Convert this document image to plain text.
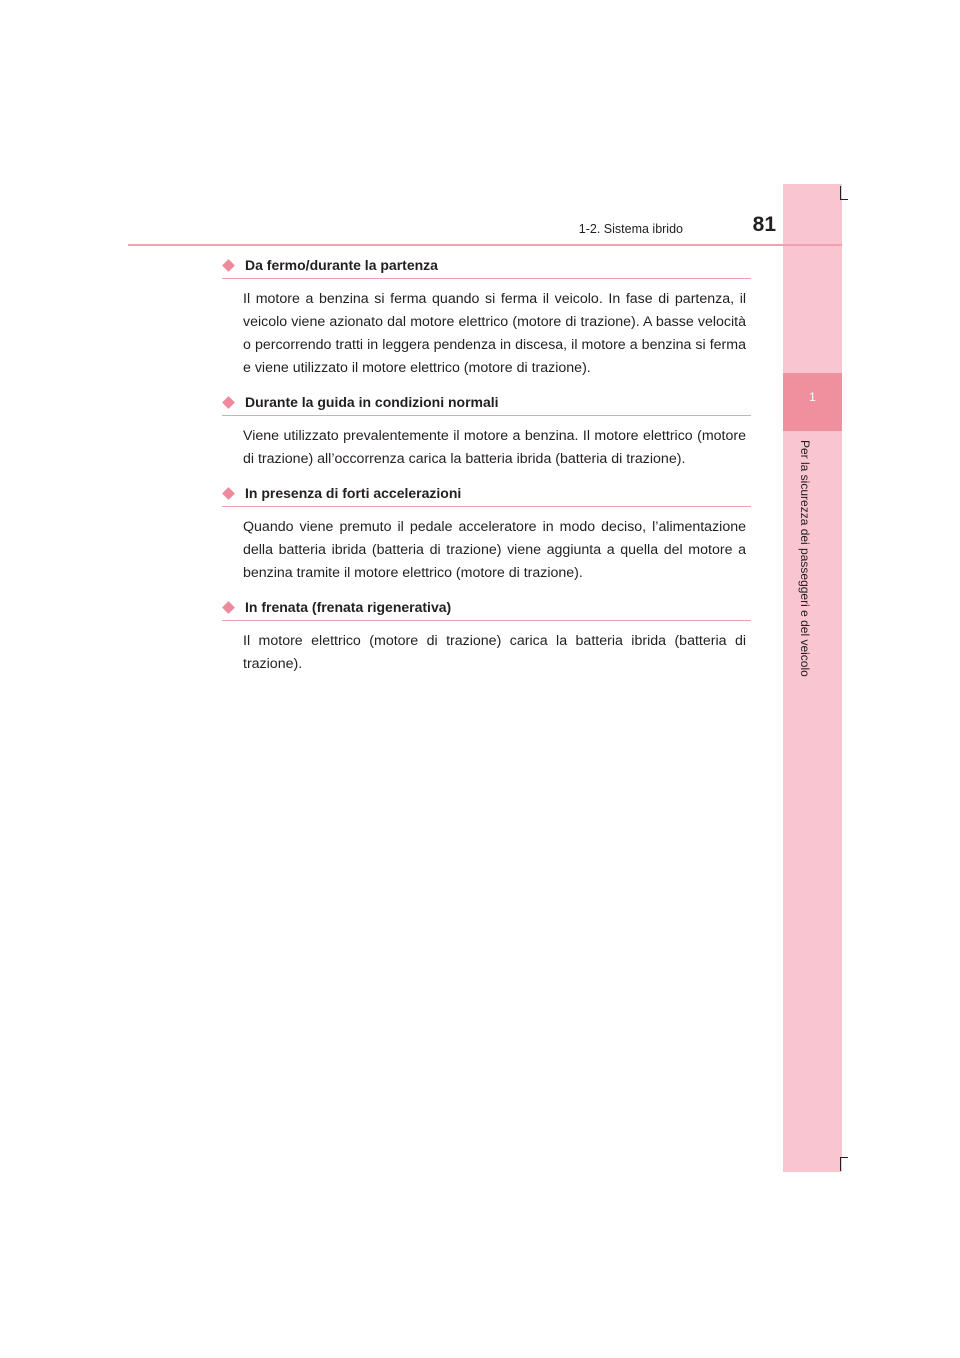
1
Per la sicurezza dei passeggeri e del veicolo
1-2. Sistema ibrido	81
Da fermo/durante la partenza
Il motore a benzina si ferma quando si ferma il veicolo. In fase di partenza, il veicolo viene azionato dal motore elettrico (motore di trazione). A basse velocità o percorrendo tratti in leggera pendenza in discesa, il motore a benzina si ferma e viene utilizzato il motore elettrico (motore di trazione).
Durante la guida in condizioni normali
Viene utilizzato prevalentemente il motore a benzina. Il motore elettrico (motore di trazione) all’occorrenza carica la batteria ibrida (batteria di trazione).
In presenza di forti accelerazioni
Quando viene premuto il pedale acceleratore in modo deciso, l’alimentazione della batteria ibrida (batteria di trazione) viene aggiunta a quella del motore a benzina tramite il motore elettrico (motore di trazione).
In frenata (frenata rigenerativa)
Il motore elettrico (motore di trazione) carica la batteria ibrida (batteria di trazione).
